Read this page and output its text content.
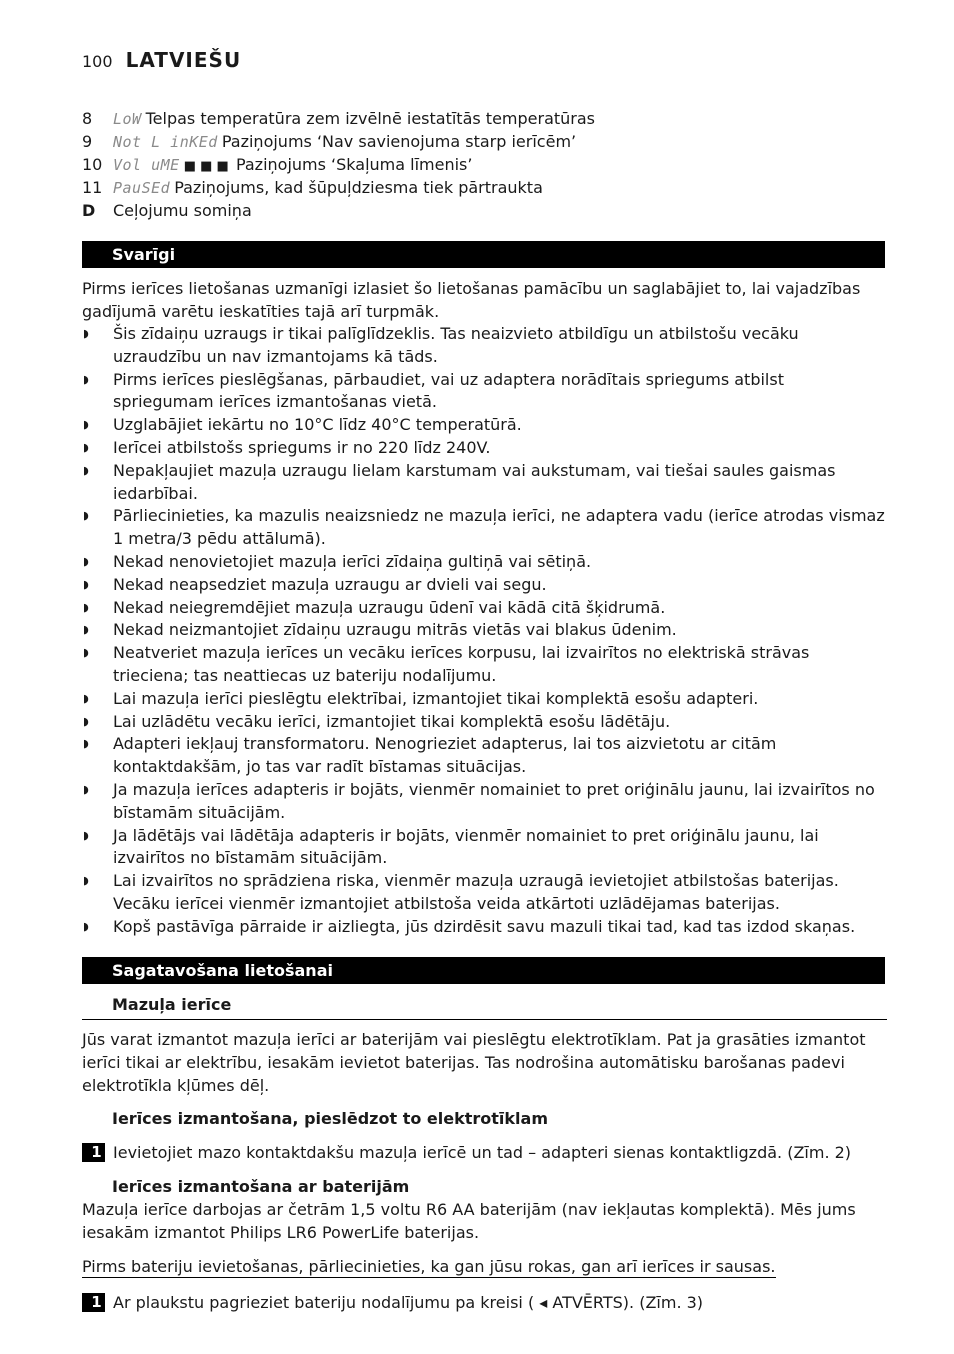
100 LATVIEŠU
8	LoW Telpas temperatūra zem izvēlnē iestatītās temperatūras
9	Not L inKEd Paziņojums ‘Nav savienojuma starp ierīcēm’
10 Vol uME ■ ■ ■ Paziņojums ‘Skaļuma līmenis’
11 PauSEd Paziņojums, kad šūpuļdziesma tiek pārtraukta
D	Ceļojumu somiņa
Svarīgi
Pirms ierīces lietošanas uzmanīgi izlasiet šo lietošanas pamācību un saglabājiet to, lai vajadzības gadījumā varētu ieskatīties tajā arī turpmāk.
◗ Šis zīdaiņu uzraugs ir tikai palīglīdzeklis. Tas neaizvieto atbildīgu un atbilstošu vecāku uzraudzību un nav izmantojams kā tāds.
◗ Pirms ierīces pieslēgšanas, pārbaudiet, vai uz adaptera norādītais spriegums atbilst spriegumam ierīces izmantošanas vietā.
◗ Uzglabājiet iekārtu no 10°C līdz 40°C temperatūrā.
◗ Ierīcei atbilstošs spriegums ir no 220 līdz 240V.
◗ Nepakļaujiet mazuļa uzraugu lielam karstumam vai aukstumam, vai tiešai saules gaismas iedarbībai.
◗ Pārliecinieties, ka mazulis neaizsniedz ne mazuļa ierīci, ne adaptera vadu (ierīce atrodas vismaz 1 metra/3 pēdu attālumā).
◗ Nekad nenovietojiet mazuļa ierīci zīdaiņa gultiņā vai sētiņā.
◗ Nekad neapsedziet mazuļa uzraugu ar dvieli vai segu.
◗ Nekad neiegremdējiet mazuļa uzraugu ūdenī vai kādā citā šķidrumā.
◗ Nekad neizmantojiet zīdaiņu uzraugu mitrās vietās vai blakus ūdenim.
◗ Neatveriet mazuļa ierīces un vecāku ierīces korpusu, lai izvairītos no elektriskā strāvas trieciena; tas neattiecas uz bateriju nodalījumu.
◗ Lai mazuļa ierīci pieslēgtu elektrībai, izmantojiet tikai komplektā esošu adapteri.
◗ Lai uzlādētu vecāku ierīci, izmantojiet tikai komplektā esošu lādētāju.
◗ Adapteri iekļauj transformatoru. Nenogrieziet adapterus, lai tos aizvietotu ar citām kontaktdakšām, jo tas var radīt bīstamas situācijas.
◗ Ja mazuļa ierīces adapteris ir bojāts, vienmēr nomainiet to pret oriģinālu jaunu, lai izvairītos no bīstamām situācijām.
◗ Ja lādētājs vai lādētāja adapteris ir bojāts, vienmēr nomainiet to pret oriģinālu jaunu, lai izvairītos no bīstamām situācijām.
◗ Lai izvairītos no sprādziena riska, vienmēr mazuļa uzraugā ievietojiet atbilstošas baterijas. Vecāku ierīcei vienmēr izmantojiet atbilstoša veida atkārtoti uzlādējamas baterijas.
◗ Kopš pastāvīga pārraide ir aizliegta, jūs dzirdēsit savu mazuli tikai tad, kad tas izdod skaņas.
Sagatavošana lietošanai
Mazuļa ierīce
Jūs varat izmantot mazuļa ierīci ar baterijām vai pieslēgtu elektrotīklam. Pat ja grasāties izmantot ierīci tikai ar elektrību, iesakām ievietot baterijas. Tas nodrošina automātisku barošanas padevi elektrotīkla kļūmes dēļ.
Ierīces izmantošana, pieslēdzot to elektrotīklam
1 Ievietojiet mazo kontaktdakšu mazuļa ierīcē un tad – adapteri sienas kontaktligzdā. (Zīm. 2)
Ierīces izmantošana ar baterijām
Mazuļa ierīce darbojas ar četrām 1,5 voltu R6 AA baterijām (nav iekļautas komplektā). Mēs jums iesakām izmantot Philips LR6 PowerLife baterijas.
Pirms bateriju ievietošanas, pārliecinieties, ka gan jūsu rokas, gan arī ierīces ir sausas.
1 Ar plaukstu pagrieziet bateriju nodalījumu pa kreisi ( ◂ ATVĒRTS). (Zīm. 3)
